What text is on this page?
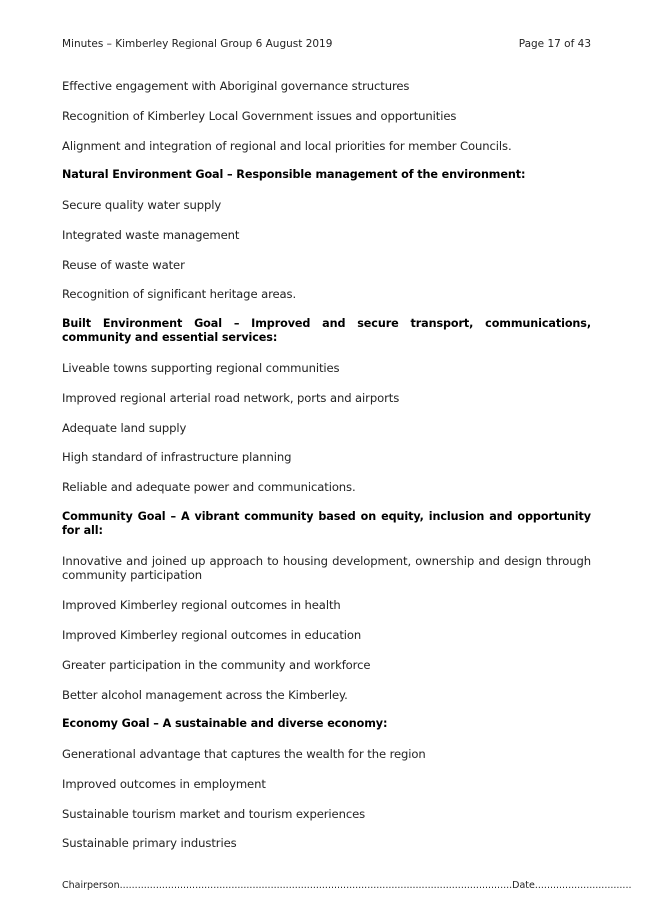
Minutes – Kimberley Regional Group 6 August 2019	Page 17 of 43
Effective engagement with Aboriginal governance structures
Recognition of Kimberley Local Government issues and opportunities
Alignment and integration of regional and local priorities for member Councils.
Natural Environment Goal – Responsible management of the environment:
Secure quality water supply
Integrated waste management
Reuse of waste water
Recognition of significant heritage areas.
Built Environment Goal – Improved and secure transport, communications, community and essential services:
Liveable towns supporting regional communities
Improved regional arterial road network, ports and airports
Adequate land supply
High standard of infrastructure planning
Reliable and adequate power and communications.
Community Goal – A vibrant community based on equity, inclusion and opportunity for all:
Innovative and joined up approach to housing development, ownership and design through community participation
Improved Kimberley regional outcomes in health
Improved Kimberley regional outcomes in education
Greater participation in the community and workforce
Better alcohol management across the Kimberley.
Economy Goal – A sustainable and diverse economy:
Generational advantage that captures the wealth for the region
Improved outcomes in employment
Sustainable tourism market and tourism experiences
Sustainable primary industries
Chairperson..................................................................................................................................Date................................
